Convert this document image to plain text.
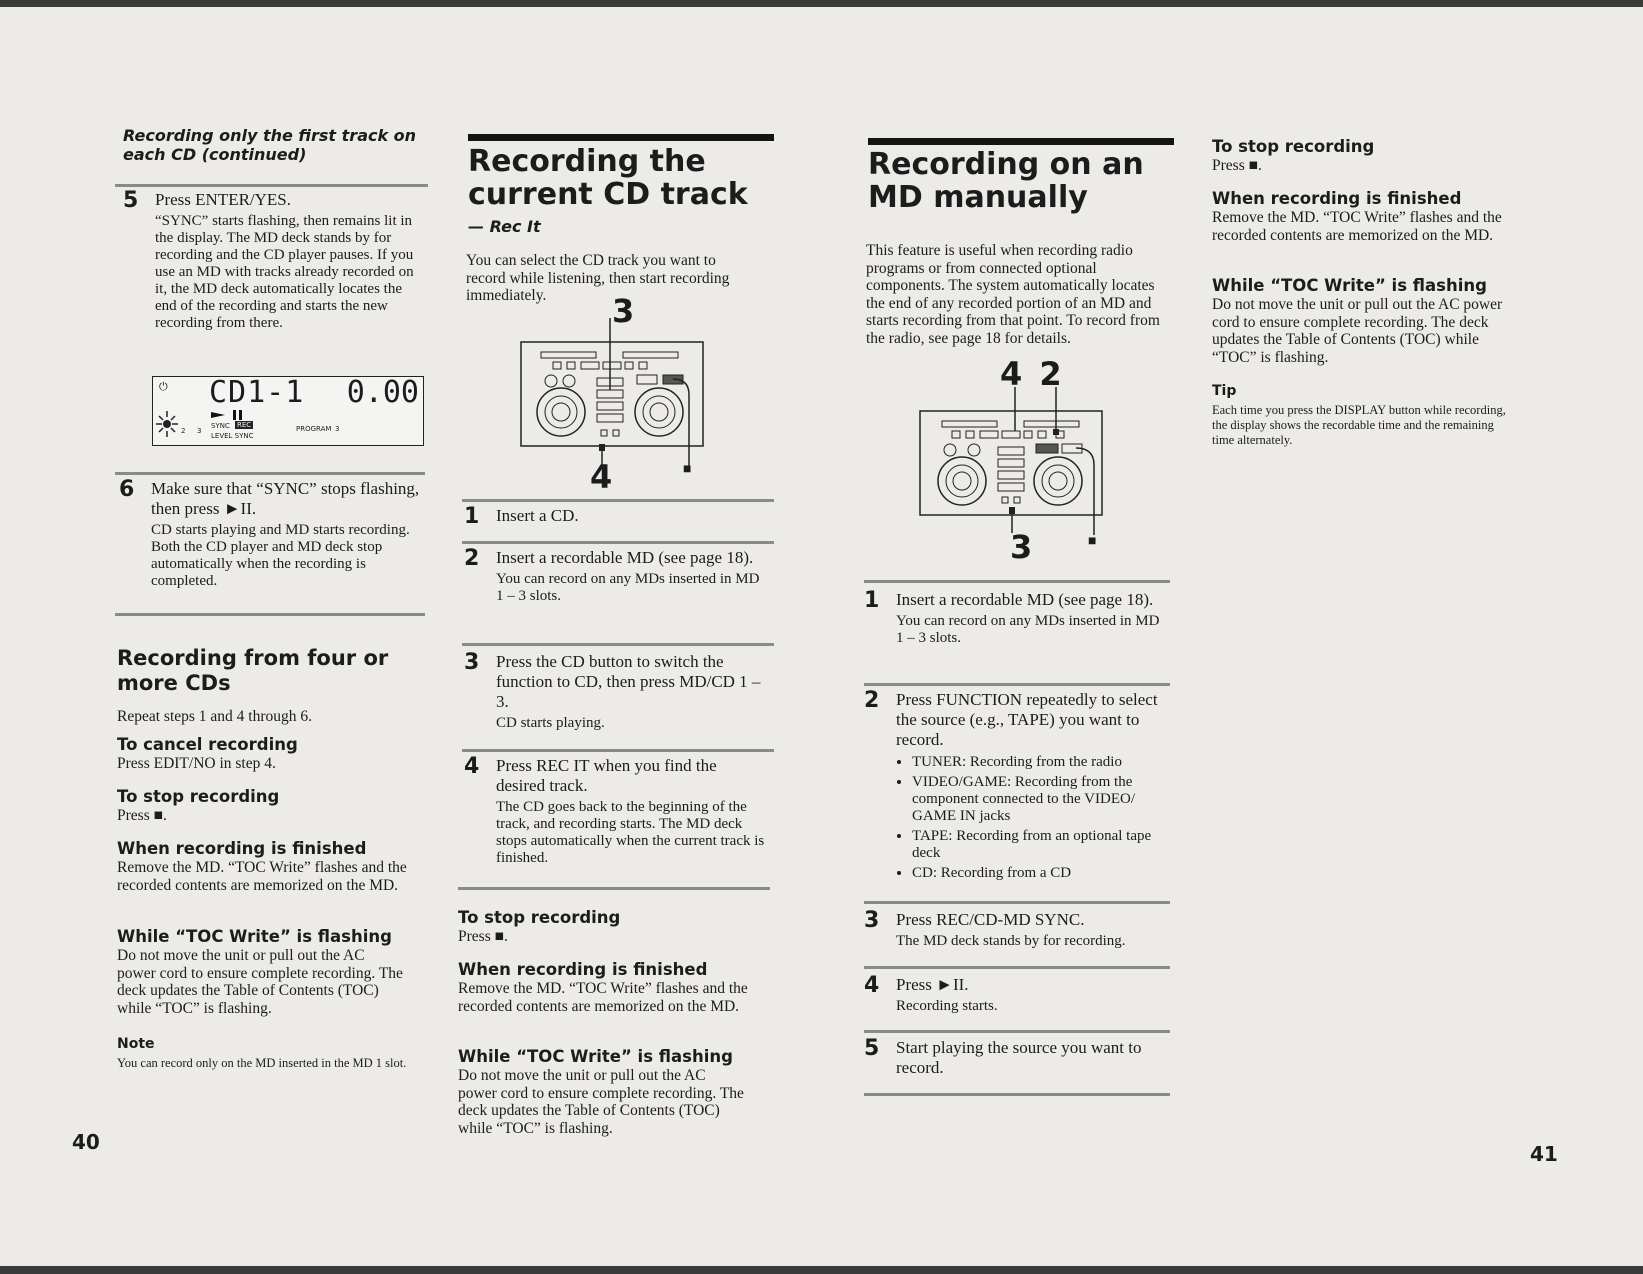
Recording only the first track on each CD (continued)
5 Press ENTER/YES.

“SYNC” starts flashing, then remains lit in the display. The MD deck stands by for recording and the CD player pauses. If you use an MD with tracks already recorded on it, the MD deck automatically locates the end of the recording and starts the new recording from there.

⏻ CD1-1 0.00
2 3
SYNC REC
LEVEL SYNC
PROGRAM 3
6 Make sure that “SYNC” stops flashing, then press ►II.

CD starts playing and MD starts recording. Both the CD player and MD deck stop automatically when the recording is completed.

Recording from four or more CDs

Repeat steps 1 and 4 through 6.

To cancel recording

Press EDIT/NO in step 4.

To stop recording

Press ■.

When recording is finished

Remove the MD. “TOC Write” flashes and the recorded contents are memorized on the MD.

While “TOC Write” is flashing

Do not move the unit or pull out the AC power cord to ensure complete recording. The deck updates the Table of Contents (TOC) while “TOC” is flashing.

Note

You can record only on the MD inserted in the MD 1 slot.

40
Recording the current CD track
— Rec It

You can select the CD track you want to record while listening, then start recording immediately.	3
4	■
1 Insert a CD.

2 Insert a recordable MD (see page 18).

You can record on any MDs inserted in MD 1 – 3 slots.

3 Press the CD button to switch the function to CD, then press MD/CD 1 – 3.

CD starts playing.

4 Press REC IT when you find the desired track.

The CD goes back to the beginning of the track, and recording starts. The MD deck stops automatically when the current track is finished.

To stop recording

Press ■.

When recording is finished

Remove the MD. “TOC Write” flashes and the recorded contents are memorized on the MD.

While “TOC Write” is flashing

Do not move the unit or pull out the AC power cord to ensure complete recording. The deck updates the Table of Contents (TOC) while “TOC” is flashing.

Recording on an MD manually

This feature is useful when recording radio programs or from connected optional components. The system automatically locates the end of any recorded portion of an MD and starts recording from that point. To record from the radio, see page 18 for details.

4 2
3	■
1 Insert a recordable MD (see page 18).

You can record on any MDs inserted in MD 1 – 3 slots.

2 Press FUNCTION repeatedly to select the source (e.g., TAPE) you want to record.

• TUNER: Recording from the radio
• VIDEO/GAME: Recording from the component connected to the VIDEO/ GAME IN jacks
• TAPE: Recording from an optional tape deck
• CD: Recording from a CD
3 Press REC/CD-MD SYNC.

The MD deck stands by for recording.

4 Press ►II.

Recording starts.

5 Start playing the source you want to record.

To stop recording

Press ■.

When recording is finished

Remove the MD. “TOC Write” flashes and the recorded contents are memorized on the MD.

While “TOC Write” is flashing

Do not move the unit or pull out the AC power cord to ensure complete recording. The deck updates the Table of Contents (TOC) while “TOC” is flashing.

Tip

Each time you press the DISPLAY button while recording, the display shows the recordable time and the remaining time alternately.

41
